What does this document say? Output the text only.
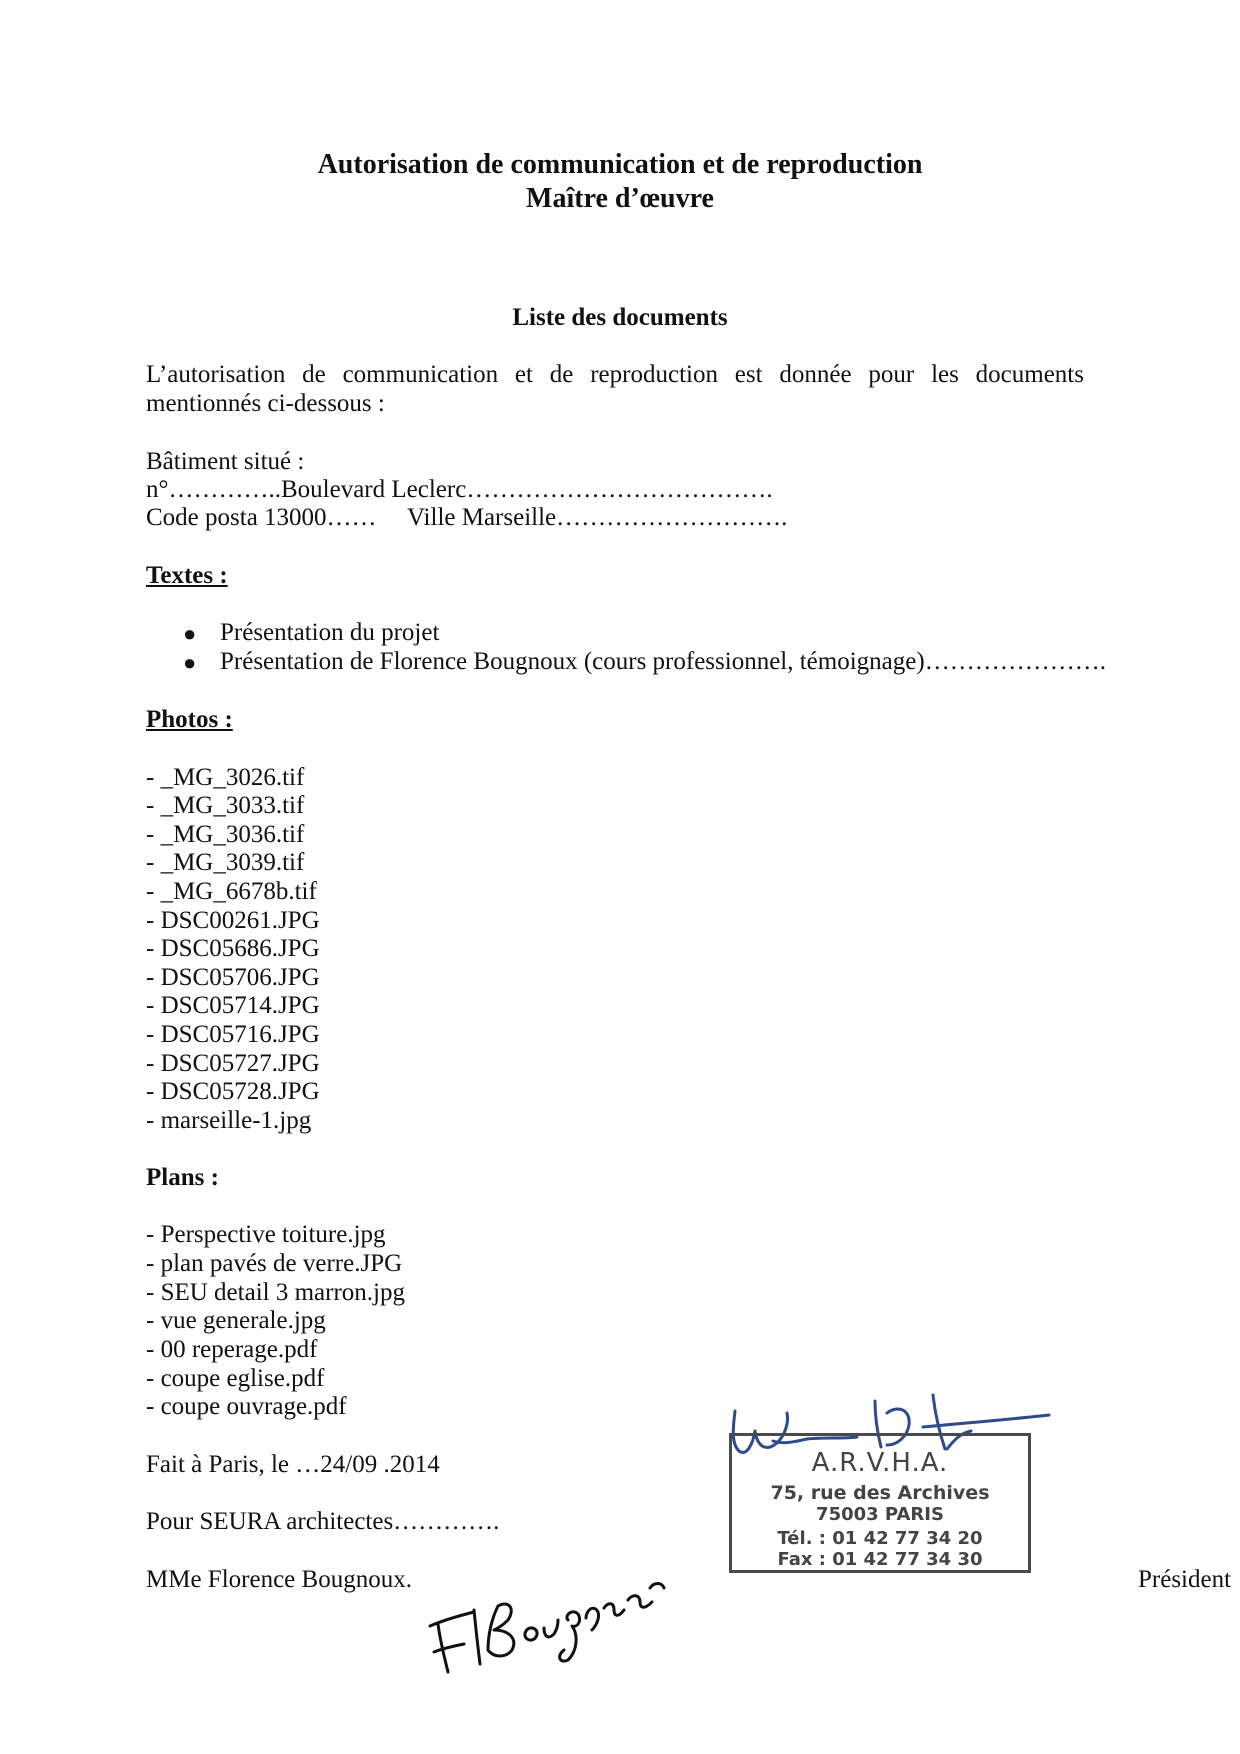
Autorisation de communication et de reproduction
Maître d’œuvre
Liste des documents
L’autorisation de communication et de reproduction est donnée pour les documents
mentionnés ci-dessous :
Bâtiment situé :
n°…………..Boulevard Leclerc……………………………….
Code posta 13000…… Ville Marseille……………………….
Textes :
● Présentation du projet
● Présentation de Florence Bougnoux (cours professionnel, témoignage)………………….
Photos :
- _MG_3026.tif
- _MG_3033.tif
- _MG_3036.tif
- _MG_3039.tif
- _MG_6678b.tif
- DSC00261.JPG
- DSC05686.JPG
- DSC05706.JPG
- DSC05714.JPG
- DSC05716.JPG
- DSC05727.JPG
- DSC05728.JPG
- marseille-1.jpg
Plans :
- Perspective toiture.jpg
- plan pavés de verre.JPG
- SEU detail 3 marron.jpg
- vue generale.jpg
- 00 reperage.pdf
- coupe eglise.pdf
- coupe ouvrage.pdf
Fait à Paris, le …24/09 .2014
Pour SEURA architectes………….
MMe Florence Bougnoux.	Président
A.R.V.H.A.
75, rue des Archives
75003 PARIS
Tél. : 01 42 77 34 20
Fax : 01 42 77 34 30
